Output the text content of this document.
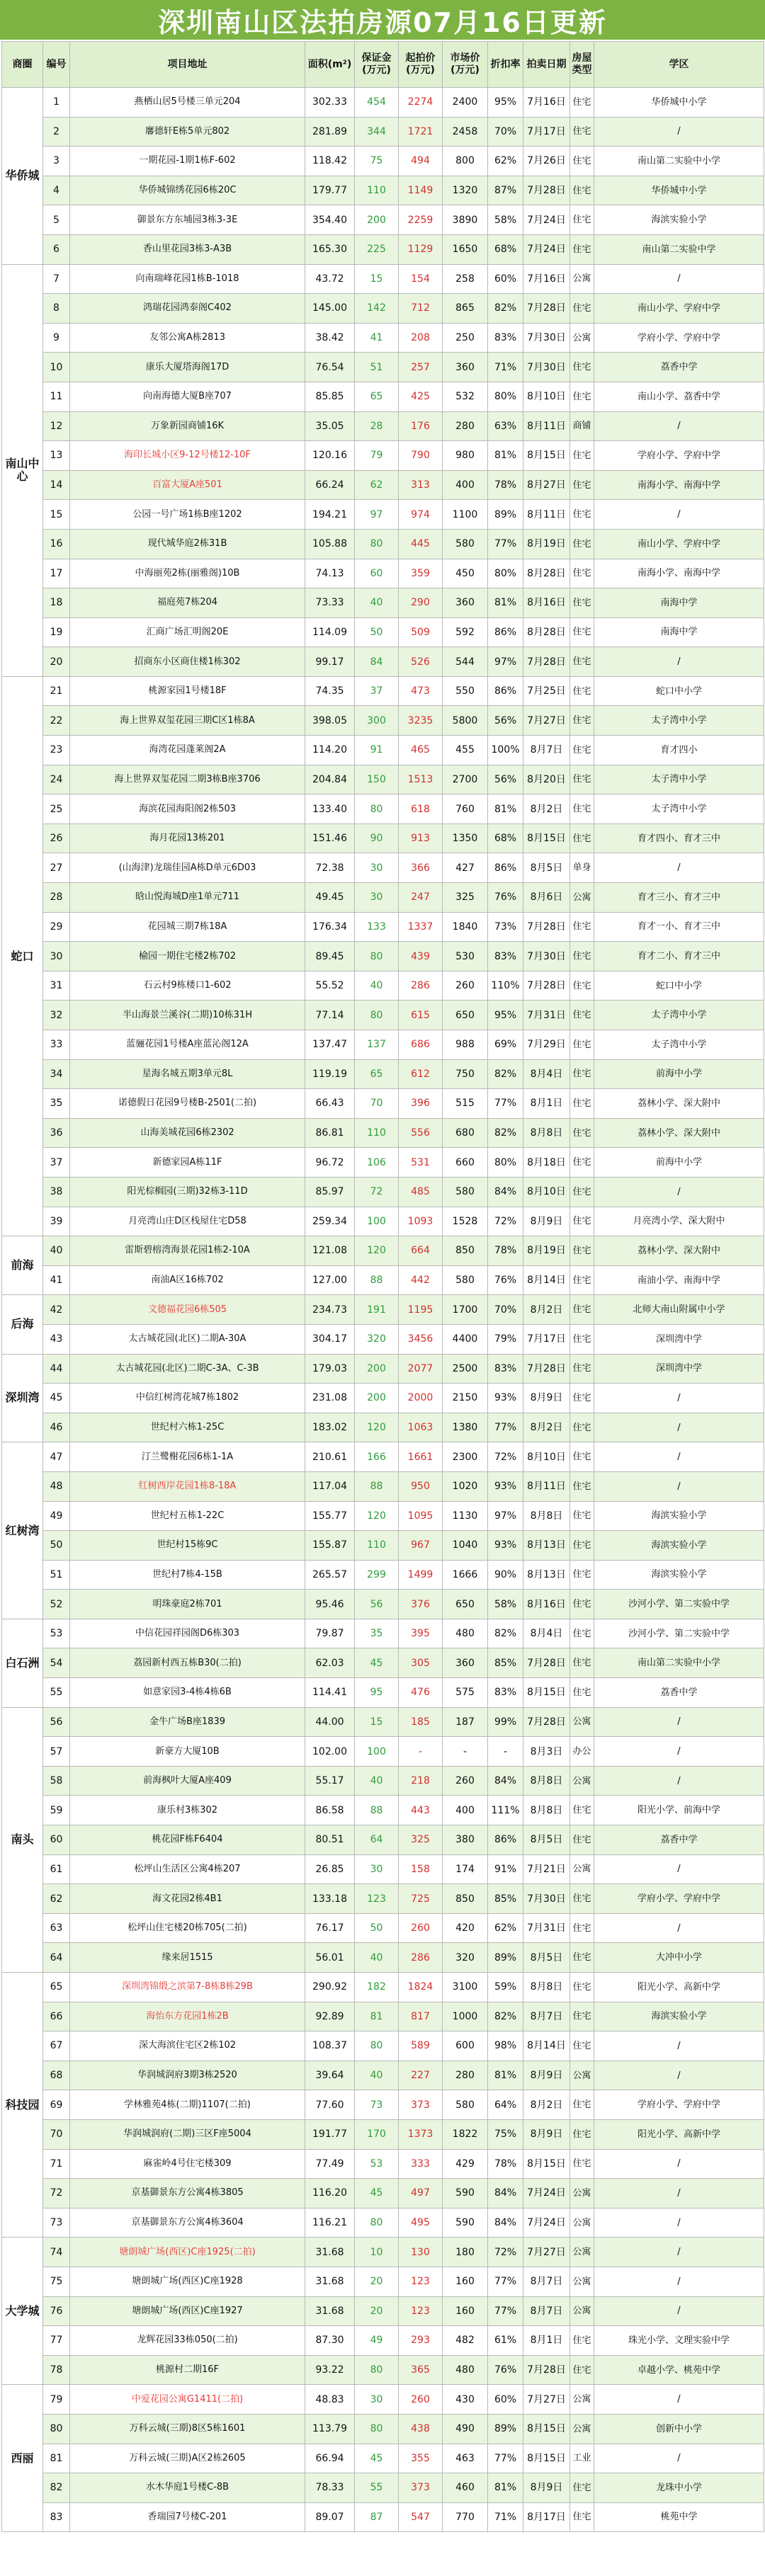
深圳南山区法拍房源07月16日更新
商圈	编号	项目地址	面积(m²)	保证金(万元)	起拍价(万元)	市场价(万元)	折扣率	拍卖日期	房屋类型	学区
华侨城	1	燕栖山居5号楼三单元204	302.33	454	2274	2400	95%	7月16日	住宅	华侨城中小学
	2	黁德轩E栋5单元802	281.89	344	1721	2458	70%	7月17日	住宅	/
	3	一期花园-1期1栋F-602	118.42	75	494	800	62%	7月26日	住宅	南山第二实验中小学
	4	华侨城锦绣花园6栋20C	179.77	110	1149	1320	87%	7月28日	住宅	华侨城中小学
	5	御景东方东埔园3栋3-3E	354.40	200	2259	3890	58%	7月24日	住宅	海滨实验小学
	6	香山里花园3栋3-A3B	165.30	225	1129	1650	68%	7月24日	住宅	南山第二实验中学
南山中心	7	向南瑞峰花园1栋B-1018	43.72	15	154	258	60%	7月16日	公寓	/
	8	鸿瑞花园鸿泰阁C402	145.00	142	712	865	82%	7月28日	住宅	南山小学、学府中学
	9	友邻公寓A栋2813	38.42	41	208	250	83%	7月30日	公寓	学府小学、学府中学
	10	康乐大厦塔海阁17D	76.54	51	257	360	71%	7月30日	住宅	荔香中学
	11	向南海德大厦B座707	85.85	65	425	532	80%	8月10日	住宅	南山小学、荔香中学
	12	万象新园商铺16K	35.05	28	176	280	63%	8月11日	商铺	/
	13	海印长城小区9-12号楼12-10F	120.16	79	790	980	81%	8月15日	住宅	学府小学、学府中学
	14	百富大厦A座501	66.24	62	313	400	78%	8月27日	住宅	南海小学、南海中学
	15	公园一号广场1栋B座1202	194.21	97	974	1100	89%	8月11日	住宅	/
	16	现代城华庭2栋31B	105.88	80	445	580	77%	8月19日	住宅	南山小学、学府中学
	17	中海丽苑2栋(丽雅阁)10B	74.13	60	359	450	80%	8月28日	住宅	南海小学、南海中学
	18	福庭苑7栋204	73.33	40	290	360	81%	8月16日	住宅	南海中学
	19	汇商广场汇明阁20E	114.09	50	509	592	86%	8月28日	住宅	南海中学
	20	招商东小区商住楼1栋302	99.17	84	526	544	97%	7月28日	住宅	/
蛇口	21	桃源家园1号楼18F	74.35	37	473	550	86%	7月25日	住宅	蛇口中小学
	22	海上世界双玺花园三期C区1栋8A	398.05	300	3235	5800	56%	7月27日	住宅	太子湾中小学
	23	海湾花园蓬莱阁2A	114.20	91	465	455	100%	8月7日	住宅	育才四小
	24	海上世界双玺花园二期3栋B座3706	204.84	150	1513	2700	56%	8月20日	住宅	太子湾中小学
	25	海滨花园海阳阁2栋503	133.40	80	618	760	81%	8月2日	住宅	太子湾中小学
	26	海月花园13栋201	151.46	90	913	1350	68%	8月15日	住宅	育才四小、育才三中
	27	(山海津)龙瑞佳园A栋D单元6D03	72.38	30	366	427	86%	8月5日	单身	/
	28	晗山悦海城D座1单元711	49.45	30	247	325	76%	8月6日	公寓	育才三小、育才三中
	29	花园城三期7栋18A	176.34	133	1337	1840	73%	7月28日	住宅	育才一小、育才三中
	30	榆园一期住宅楼2栋702	89.45	80	439	530	83%	7月30日	住宅	育才二小、育才三中
	31	石云村9栋楼口1-602	55.52	40	286	260	110%	7月28日	住宅	蛇口中小学
	32	半山海景兰溪谷(二期)10栋31H	77.14	80	615	650	95%	7月31日	住宅	太子湾中小学
	33	蓝骊花园1号楼A座蓝沁阁12A	137.47	137	686	988	69%	7月29日	住宅	太子湾中小学
	34	星海名城五期3单元8L	119.19	65	612	750	82%	8月4日	住宅	前海中小学
	35	诺德假日花园9号楼B-2501(二拍)	66.43	70	396	515	77%	8月1日	住宅	荔林小学、深大附中
	36	山海美城花园6栋2302	86.81	110	556	680	82%	8月8日	住宅	荔林小学、深大附中
	37	新德家园A栋11F	96.72	106	531	660	80%	8月18日	住宅	前海中小学
	38	阳光棕榈园(三期)32栋3-11D	85.97	72	485	580	84%	8月10日	住宅	/
	39	月亮湾山庄D区栈屋住宅D58	259.34	100	1093	1528	72%	8月9日	住宅	月亮湾小学、深大附中
前海	40	雷斯碧榕湾海景花园1栋2-10A	121.08	120	664	850	78%	8月19日	住宅	荔林小学、深大附中
	41	南油A区16栋702	127.00	88	442	580	76%	8月14日	住宅	南油小学、南海中学
后海	42	文德福花园6栋505	234.73	191	1195	1700	70%	8月2日	住宅	北师大南山附属中小学
	43	太古城花园(北区)二期A-30A	304.17	320	3456	4400	79%	7月17日	住宅	深圳湾中学
深圳湾	44	太古城花园(北区)二期C-3A、C-3B	179.03	200	2077	2500	83%	7月28日	住宅	深圳湾中学
	45	中信红树湾花城7栋1802	231.08	200	2000	2150	93%	8月9日	住宅	/
	46	世纪村六栋1-25C	183.02	120	1063	1380	77%	8月2日	住宅	/
红树湾	47	汀兰鹭榭花园6栋1-1A	210.61	166	1661	2300	72%	8月10日	住宅	/
	48	红树西岸花园1栋8-18A	117.04	88	950	1020	93%	8月11日	住宅	/
	49	世纪村五栋1-22C	155.77	120	1095	1130	97%	8月8日	住宅	海滨实验小学
	50	世纪村15栋9C	155.87	110	967	1040	93%	8月13日	住宅	海滨实验小学
	51	世纪村7栋4-15B	265.57	299	1499	1666	90%	8月13日	住宅	海滨实验小学
	52	明珠豪庭2栋701	95.46	56	376	650	58%	8月16日	住宅	沙河小学、第二实验中学
白石洲	53	中信花园祥园阁D6栋303	79.87	35	395	480	82%	8月4日	住宅	沙河小学、第二实验中学
	54	荔园新村西五栋B30(二拍)	62.03	45	305	360	85%	7月28日	住宅	南山第二实验中小学
	55	如意家园3-4栋4栋6B	114.41	95	476	575	83%	8月15日	住宅	荔香中学
南头	56	金牛广场B座1839	44.00	15	185	187	99%	7月28日	公寓	/
	57	新豪方大厦10B	102.00	100	-	-	-	8月3日	办公	/
	58	前海枫叶大厦A座409	55.17	40	218	260	84%	8月8日	公寓	/
	59	康乐村3栋302	86.58	88	443	400	111%	8月8日	住宅	阳光小学、前海中学
	60	桃花园F栋F6404	80.51	64	325	380	86%	8月5日	住宅	荔香中学
	61	松坪山生活区公寓4栋207	26.85	30	158	174	91%	7月21日	公寓	/
	62	海文花园2栋4B1	133.18	123	725	850	85%	7月30日	住宅	学府小学、学府中学
	63	松坪山住宅楼20栋705(二拍)	76.17	50	260	420	62%	7月31日	住宅	/
	64	缘来居1515	56.01	40	286	320	89%	8月5日	住宅	大冲中小学
科技园	65	深圳湾锦缎之滨第7-8栋8栋29B	290.92	182	1824	3100	59%	8月8日	住宅	阳光小学、高新中学
	66	海怡东方花园1栋2B	92.89	81	817	1000	82%	8月7日	住宅	海滨实验小学
	67	深大海滨住宅区2栋102	108.37	80	589	600	98%	8月14日	住宅	/
	68	华润城润府3期3栋2520	39.64	40	227	280	81%	8月9日	公寓	/
	69	学林雅苑4栋(二期)1107(二拍)	77.60	73	373	580	64%	8月2日	住宅	学府小学、学府中学
	70	华润城润府(二期)三区F座5004	191.77	170	1373	1822	75%	8月9日	住宅	阳光小学、高新中学
	71	麻雀岭4号住宅楼309	77.49	53	333	429	78%	8月15日	住宅	/
	72	京基御景东方公寓4栋3805	116.20	45	497	590	84%	7月24日	公寓	/
	73	京基御景东方公寓4栋3604	116.21	80	495	590	84%	7月24日	公寓	/
大学城	74	塘朗城广场(西区)C座1925(二拍)	31.68	10	130	180	72%	7月27日	公寓	/
	75	塘朗城广场(西区)C座1928	31.68	20	123	160	77%	8月7日	公寓	/
	76	塘朗城广场(西区)C座1927	31.68	20	123	160	77%	8月7日	公寓	/
	77	龙辉花园33栋050(二拍)	87.30	49	293	482	61%	8月1日	住宅	珠光小学、文理实验中学
	78	桃源村二期16F	93.22	80	365	480	76%	7月28日	住宅	卓越小学、桃苑中学
西丽	79	中爱花园公寓G1411(二拍)	48.83	30	260	430	60%	7月27日	公寓	/
	80	万科云城(三期)8区5栋1601	113.79	80	438	490	89%	8月15日	公寓	创新中小学
	81	万科云城(三期)A区2栋2605	66.94	45	355	463	77%	8月15日	工业	/
	82	水木华庭1号楼C-8B	78.33	55	373	460	81%	8月9日	住宅	龙珠中小学
	83	香瑞园7号楼C-201	89.07	87	547	770	71%	8月17日	住宅	桃苑中学
